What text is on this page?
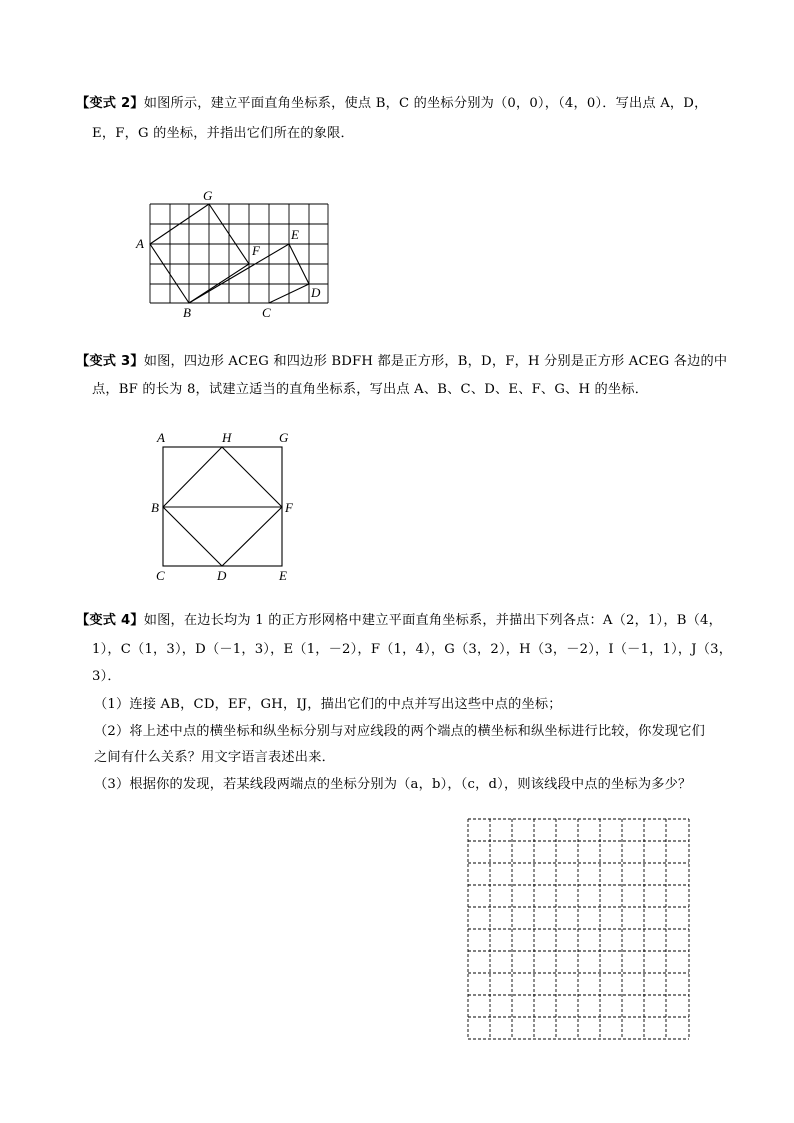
【变式 2】如图所示，建立平面直角坐标系，使点 B，C 的坐标分别为（0，0），（4，0）．写出点 A，D，
E，F，G 的坐标，并指出它们所在的象限．
A
B	C
D
E
F
G
【变式 3】如图，四边形 ACEG 和四边形 BDFH 都是正方形，B，D，F，H 分别是正方形 ACEG 各边的中
点，BF 的长为 8，试建立适当的直角坐标系，写出点 A、B、C、D、E、F、G、H 的坐标．
A	H	G
B	F
C	D	E
【变式 4】如图，在边长均为 1 的正方形网格中建立平面直角坐标系，并描出下列各点：A（2，1），B（4，
1），C（1，3），D（－1，3），E（1，－2），F（1，4），G（3，2），H（3，－2），I（－1，1），J（3，
3）．
（1）连接 AB，CD，EF，GH，IJ，描出它们的中点并写出这些中点的坐标；
（2）将上述中点的横坐标和纵坐标分别与对应线段的两个端点的横坐标和纵坐标进行比较，你发现它们
之间有什么关系？用文字语言表述出来．
（3）根据你的发现，若某线段两端点的坐标分别为（a，b），（c，d），则该线段中点的坐标为多少？
